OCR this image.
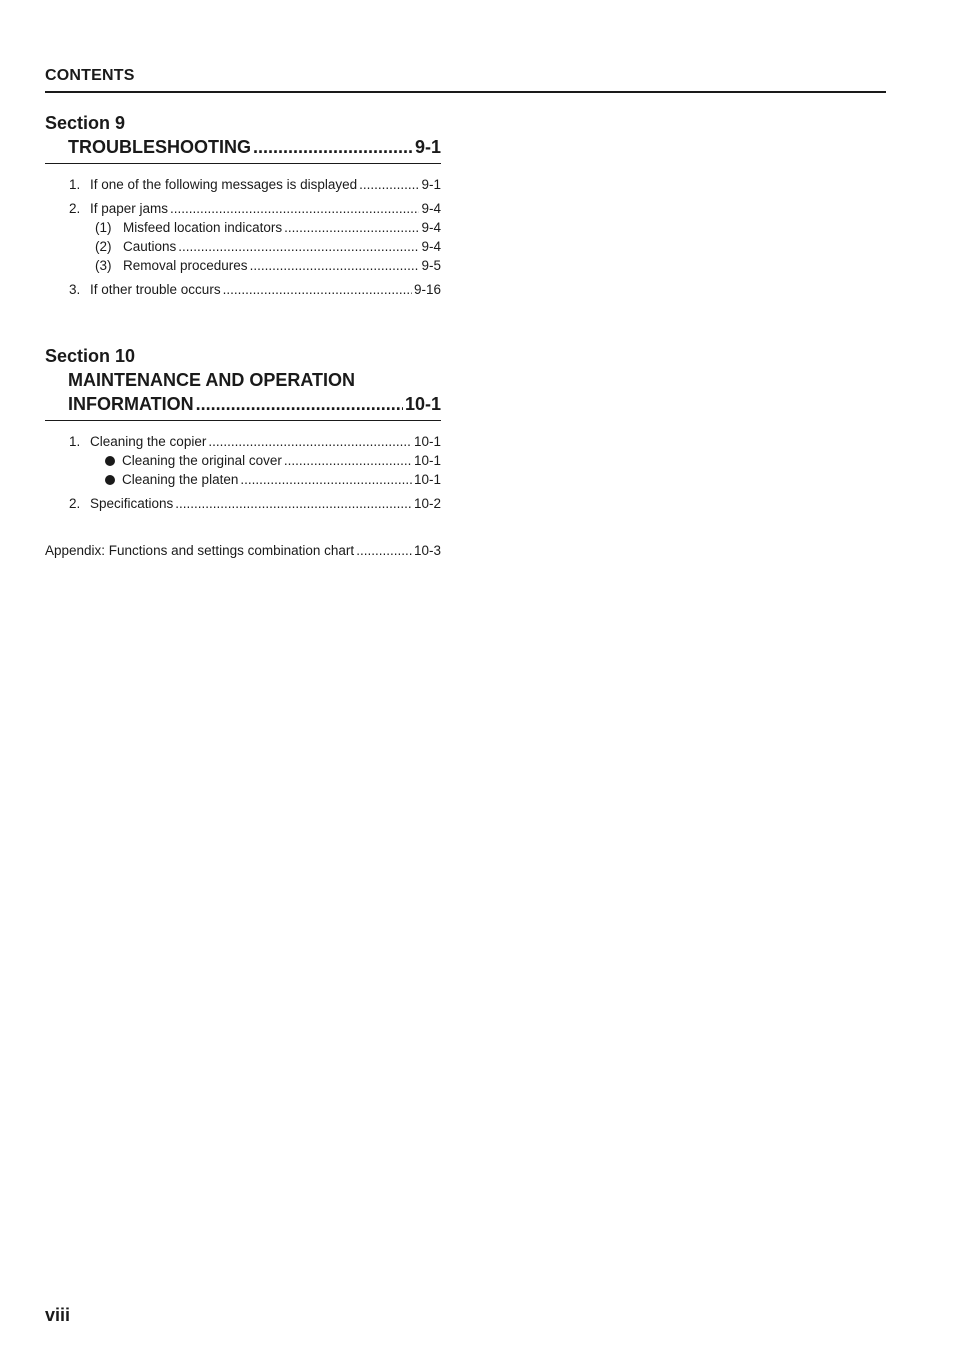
CONTENTS
Section 9
TROUBLESHOOTING .....	9-1
1. If one of the following messages is displayed .....	9-1
2. If paper jams .....	9-4
(1) Misfeed location indicators .....	9-4
(2) Cautions .....	9-4
(3) Removal procedures .....	9-5
3. If other trouble occurs .....	9-16
Section 10
MAINTENANCE AND OPERATION
INFORMATION .....	10-1
1. Cleaning the copier .....	10-1
Cleaning the original cover .....	10-1
Cleaning the platen .....	10-1
2. Specifications .....	10-2
Appendix: Functions and settings combination chart .....	10-3
viii
